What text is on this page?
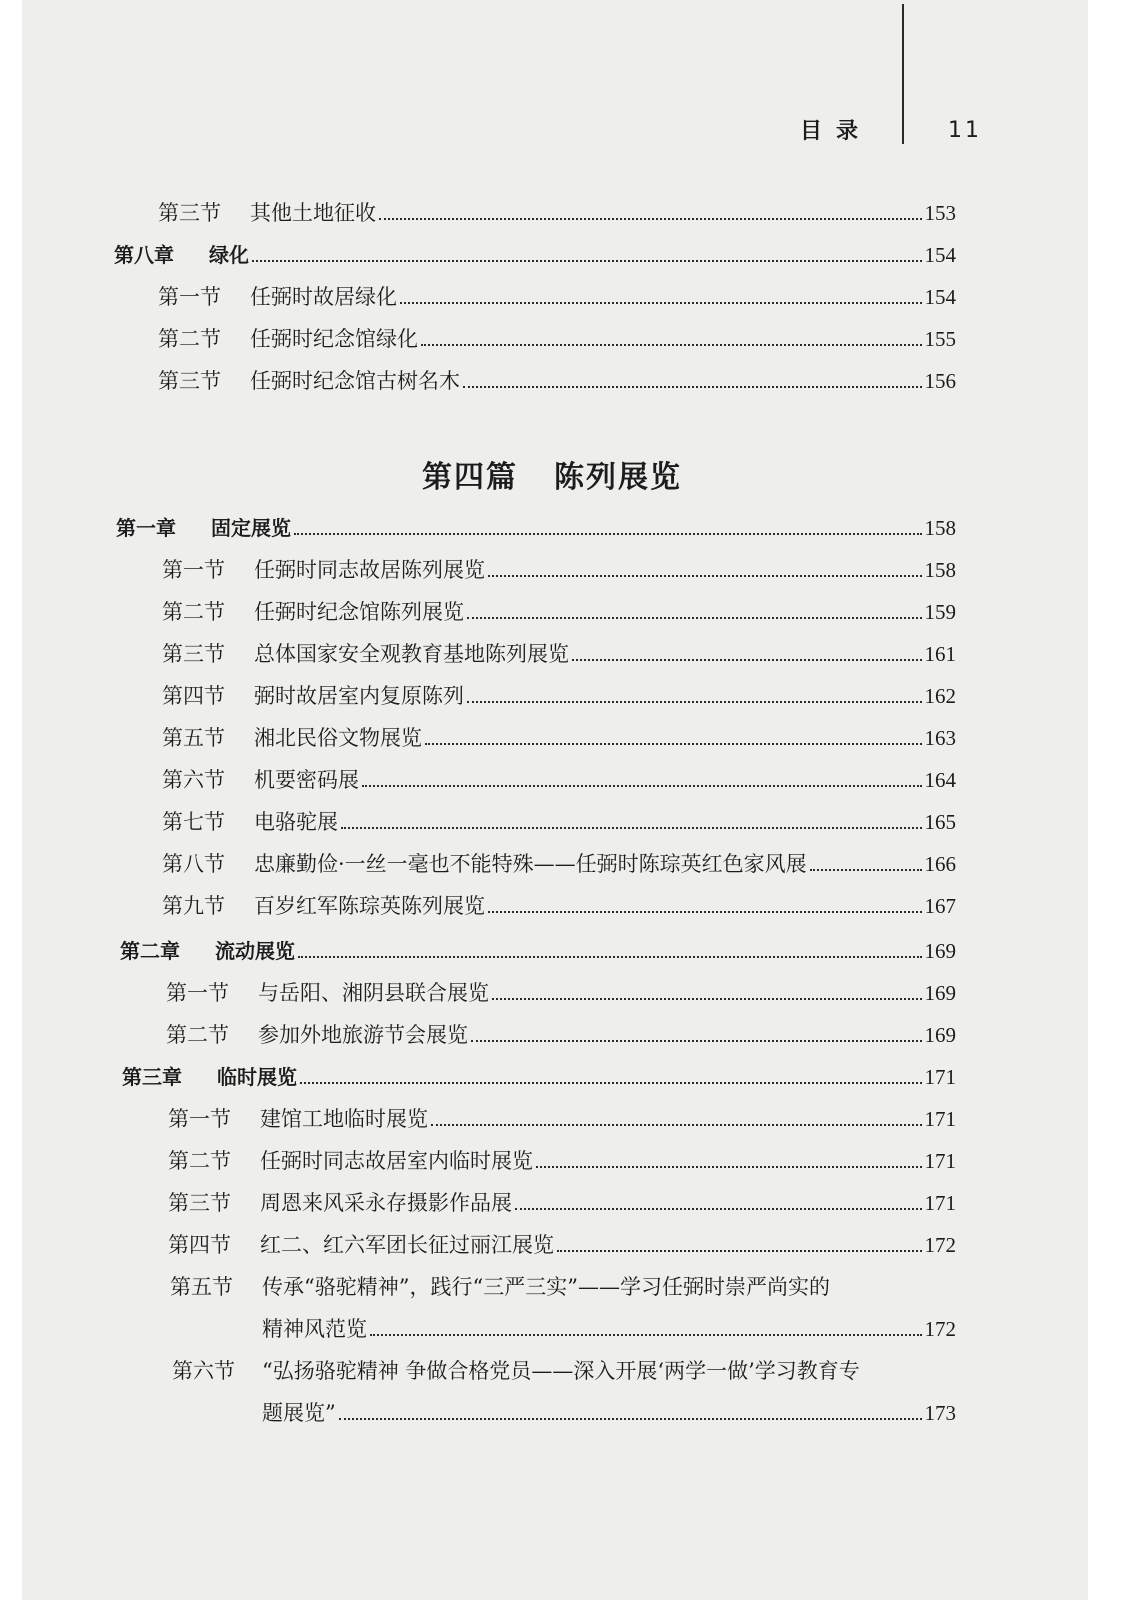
目录	11
第三节	其他土地征收	153
第八章	绿化	154
第一节	任弼时故居绿化	154
第二节	任弼时纪念馆绿化	155
第三节	任弼时纪念馆古树名木	156
第四篇 陈列展览
第一章	固定展览	158
第一节	任弼时同志故居陈列展览	158
第二节	任弼时纪念馆陈列展览	159
第三节	总体国家安全观教育基地陈列展览	161
第四节	弼时故居室内复原陈列	162
第五节	湘北民俗文物展览	163
第六节	机要密码展	164
第七节	电骆驼展	165
第八节	忠廉勤俭·一丝一毫也不能特殊——任弼时陈琮英红色家风展	166
第九节	百岁红军陈琮英陈列展览	167
第二章	流动展览	169
第一节	与岳阳、湘阴县联合展览	169
第二节	参加外地旅游节会展览	169
第三章	临时展览	171
第一节	建馆工地临时展览	171
第二节	任弼时同志故居室内临时展览	171
第三节	周恩来风采永存摄影作品展	171
第四节	红二、红六军团长征过丽江展览	172
第五节 传承“骆驼精神”，践行“三严三实”——学习任弼时崇严尚实的
精神风范览	172
第六节 “弘扬骆驼精神 争做合格党员——深入开展‘两学一做’学习教育专
题展览”	173
